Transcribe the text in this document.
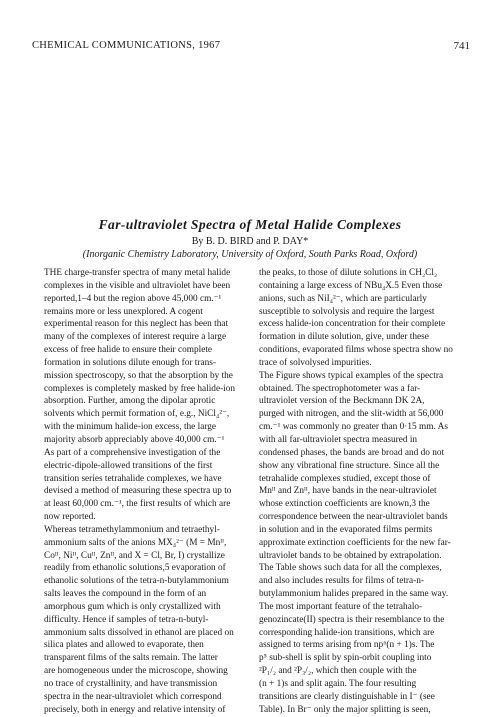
CHEMICAL COMMUNICATIONS, 1967	741
Far-ultraviolet Spectra of Metal Halide Complexes
By B. D. BIRD and P. DAY*
(Inorganic Chemistry Laboratory, University of Oxford, South Parks Road, Oxford)

THE charge-transfer spectra of many metal halide
complexes in the visible and ultraviolet have been
reported,1–4 but the region above 45,000 cm.⁻¹
remains more or less unexplored. A cogent
experimental reason for this neglect has been that
many of the complexes of interest require a large
excess of free halide to ensure their complete
formation in solutions dilute enough for trans-
mission spectroscopy, so that the absorption by the
complexes is completely masked by free halide-ion
absorption. Further, among the dipolar aprotic
solvents which permit formation of, e.g., NiCl₄²⁻,
with the minimum halide-ion excess, the large
majority absorb appreciably above 40,000 cm.⁻¹
As part of a comprehensive investigation of the
electric-dipole-allowed transitions of the first
transition series tetrahalide complexes, we have
devised a method of measuring these spectra up to
at least 60,000 cm.⁻¹, the first results of which are
now reported.
Whereas tetramethylammonium and tetraethyl-
ammonium salts of the anions MX₄²⁻ (M = Mnᴵᴵ,
Coᴵᴵ, Niᴵᴵ, Cuᴵᴵ, Znᴵᴵ, and X = Cl, Br, I) crystallize
readily from ethanolic solutions,5 evaporation of
ethanolic solutions of the tetra-n-butylammonium
salts leaves the compound in the form of an
amorphous gum which is only crystallized with
difficulty. Hence if samples of tetra-n-butyl-
ammonium salts dissolved in ethanol are placed on
silica plates and allowed to evaporate, then
transparent films of the salts remain. The latter
are homogeneous under the microscope, showing
no trace of crystallinity, and have transmission
spectra in the near-ultraviolet which correspond
precisely, both in energy and relative intensity of

the peaks, to those of dilute solutions in CH₂Cl₂
containing a large excess of NBu₄X.5 Even those
anions, such as NiI₄²⁻, which are particularly
susceptible to solvolysis and require the largest
excess halide-ion concentration for their complete
formation in dilute solution, give, under these
conditions, evaporated films whose spectra show no
trace of solvolysed impurities.
The Figure shows typical examples of the spectra
obtained. The spectrophotometer was a far-
ultraviolet version of the Beckmann DK 2A,
purged with nitrogen, and the slit-width at 56,000
cm.⁻¹ was commonly no greater than 0·15 mm. As
with all far-ultraviolet spectra measured in
condensed phases, the bands are broad and do not
show any vibrational fine structure. Since all the
tetrahalide complexes studied, except those of
Mnᴵᴵ and Znᴵᴵ, have bands in the near-ultraviolet
whose extinction coefficients are known,3 the
correspondence between the near-ultraviolet bands
in solution and in the evaporated films permits
approximate extinction coefficients for the new far-
ultraviolet bands to be obtained by extrapolation.
The Table shows such data for all the complexes,
and also includes results for films of tetra-n-
butylammonium halides prepared in the same way.
The most important feature of the tetrahalo-
genozincate(II) spectra is their resemblance to the
corresponding halide-ion transitions, which are
assigned to terms arising from np⁶(n + 1)s. The
p⁵ sub-shell is split by spin-orbit coupling into
²P₁/₂ and ²P₃/₂, which then couple with the
(n + 1)s and split again. The four resulting
transitions are clearly distinguishable in I⁻ (see
Table). In Br⁻ only the major splitting is seen,
